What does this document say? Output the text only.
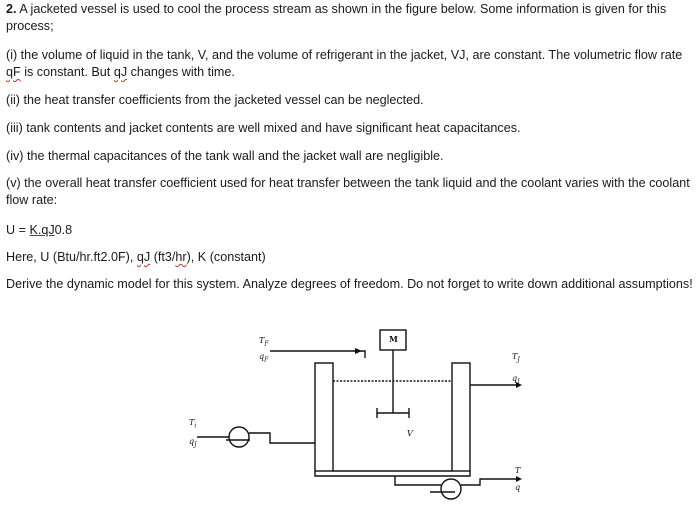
2. A jacketed vessel is used to cool the process stream as shown in the figure below. Some information is given for this process;

(i) the volume of liquid in the tank, V, and the volume of refrigerant in the jacket, VJ, are constant. The volumetric flow rate qF is constant. But qJ changes with time.

(ii) the heat transfer coefficients from the jacketed vessel can be neglected.

(iii) tank contents and jacket contents are well mixed and have significant heat capacitances.

(iv) the thermal capacitances of the tank wall and the jacket wall are negligible.

(v) the overall heat transfer coefficient used for heat transfer between the tank liquid and the coolant varies with the coolant flow rate:

U = K.qJ0.8

Here, U (Btu/hr.ft2.0F), qJ (ft3/hr), K (constant)

Derive the dynamic model for this system. Analyze degrees of freedom. Do not forget to write down additional assumptions!

M
$T_F$
$q_F$	$T_J$
$q_J$
$T_i$
$q_J$
V
T
q
